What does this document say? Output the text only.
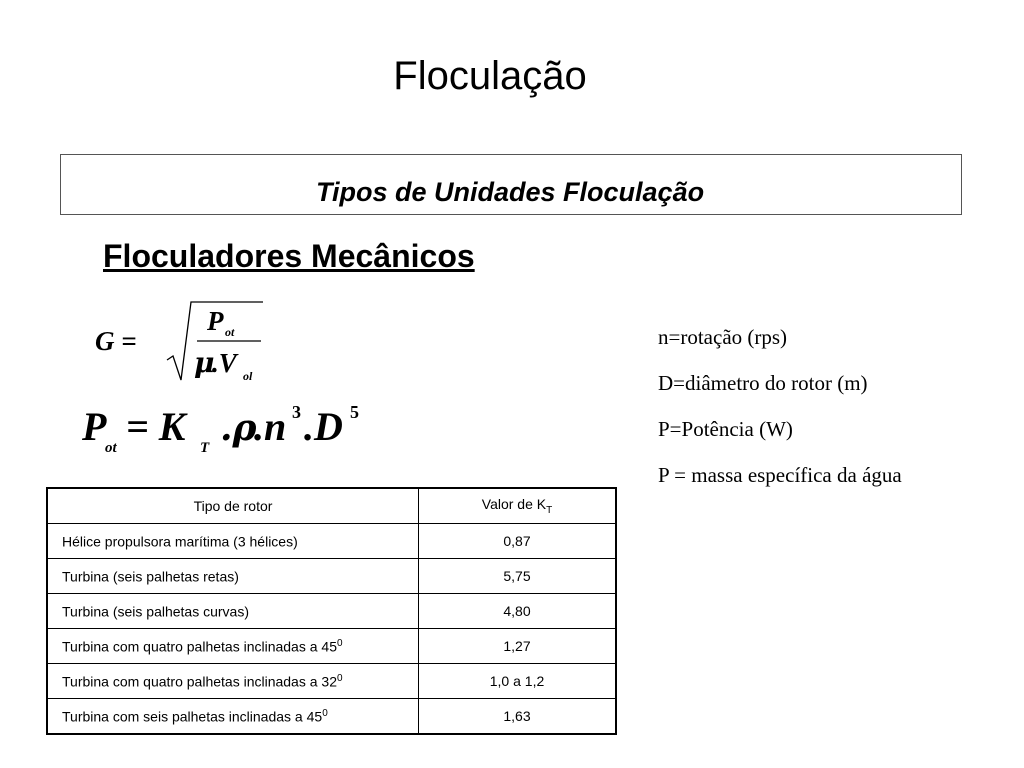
Floculação
Tipos de Unidades Floculação
Floculadores Mecânicos
G =
P ot
μ
.V ol
P
ot = K T .ρ
.n 3 .D 5
n=rotação (rps)
D=diâmetro do rotor (m)
P=Potência (W)
P = massa específica da água
Tipo de rotor	Valor de $K_T$
Hélice propulsora marítima (3 hélices)	0,87
Turbina (seis palhetas retas)	5,75
Turbina (seis palhetas curvas)	4,80
Turbina com quatro palhetas inclinadas a $45^0$	1,27
Turbina com quatro palhetas inclinadas a $32^0$	1,0 a 1,2
Turbina com seis palhetas inclinadas a $45^0$	1,63
